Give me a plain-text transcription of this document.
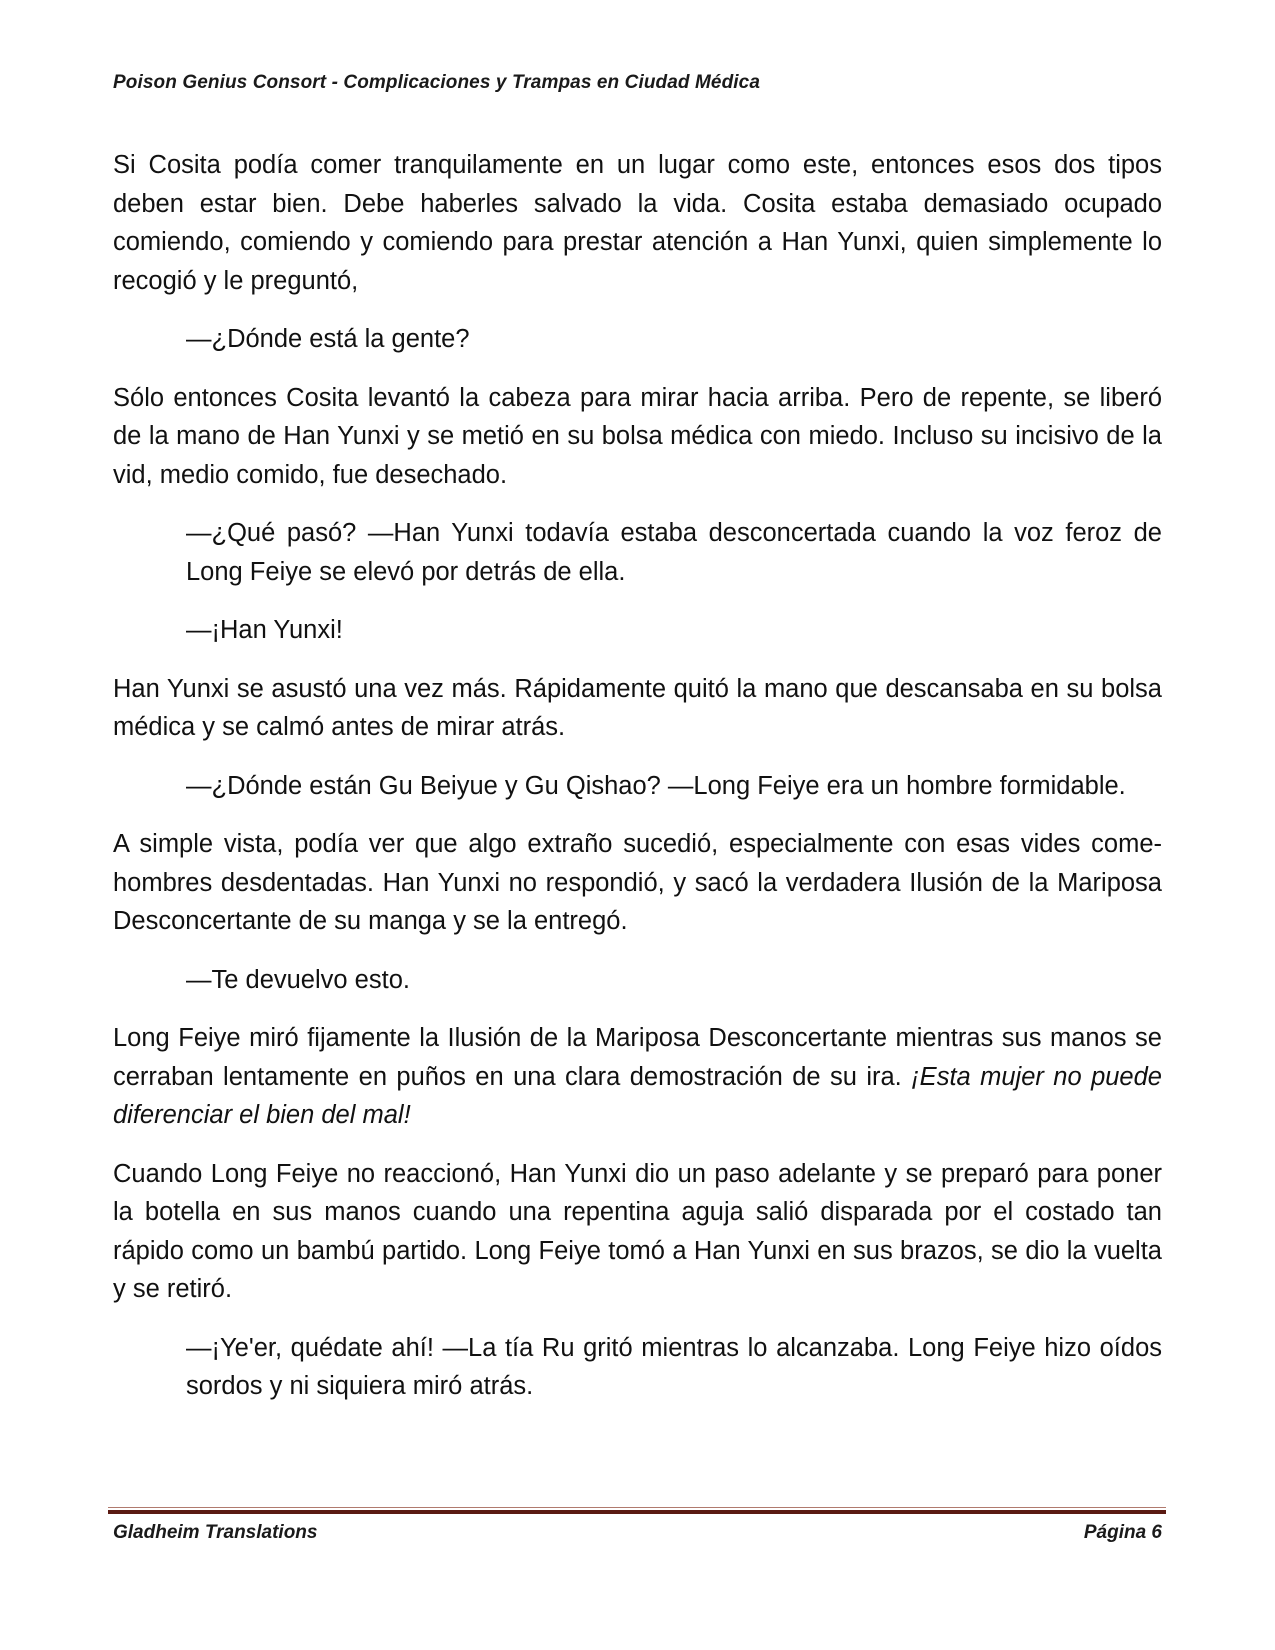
Poison Genius Consort - Complicaciones y Trampas en Ciudad Médica

Si Cosita podía comer tranquilamente en un lugar como este, entonces esos dos tipos deben estar bien. Debe haberles salvado la vida. Cosita estaba demasiado ocupado comiendo, comiendo y comiendo para prestar atención a Han Yunxi, quien simplemente lo recogió y le preguntó,

—¿Dónde está la gente?

Sólo entonces Cosita levantó la cabeza para mirar hacia arriba. Pero de repente, se liberó de la mano de Han Yunxi y se metió en su bolsa médica con miedo. Incluso su incisivo de la vid, medio comido, fue desechado.

—¿Qué pasó? —Han Yunxi todavía estaba desconcertada cuando la voz feroz de Long Feiye se elevó por detrás de ella.

—¡Han Yunxi!

Han Yunxi se asustó una vez más. Rápidamente quitó la mano que descansaba en su bolsa médica y se calmó antes de mirar atrás.

—¿Dónde están Gu Beiyue y Gu Qishao? —Long Feiye era un hombre formidable.

A simple vista, podía ver que algo extraño sucedió, especialmente con esas vides come-hombres desdentadas. Han Yunxi no respondió, y sacó la verdadera Ilusión de la Mariposa Desconcertante de su manga y se la entregó.

—Te devuelvo esto.

Long Feiye miró fijamente la Ilusión de la Mariposa Desconcertante mientras sus manos se cerraban lentamente en puños en una clara demostración de su ira. ¡Esta mujer no puede diferenciar el bien del mal!

Cuando Long Feiye no reaccionó, Han Yunxi dio un paso adelante y se preparó para poner la botella en sus manos cuando una repentina aguja salió disparada por el costado tan rápido como un bambú partido. Long Feiye tomó a Han Yunxi en sus brazos, se dio la vuelta y se retiró.

—¡Ye'er, quédate ahí! —La tía Ru gritó mientras lo alcanzaba. Long Feiye hizo oídos sordos y ni siquiera miró atrás.

Gladheim Translations	Página 6
